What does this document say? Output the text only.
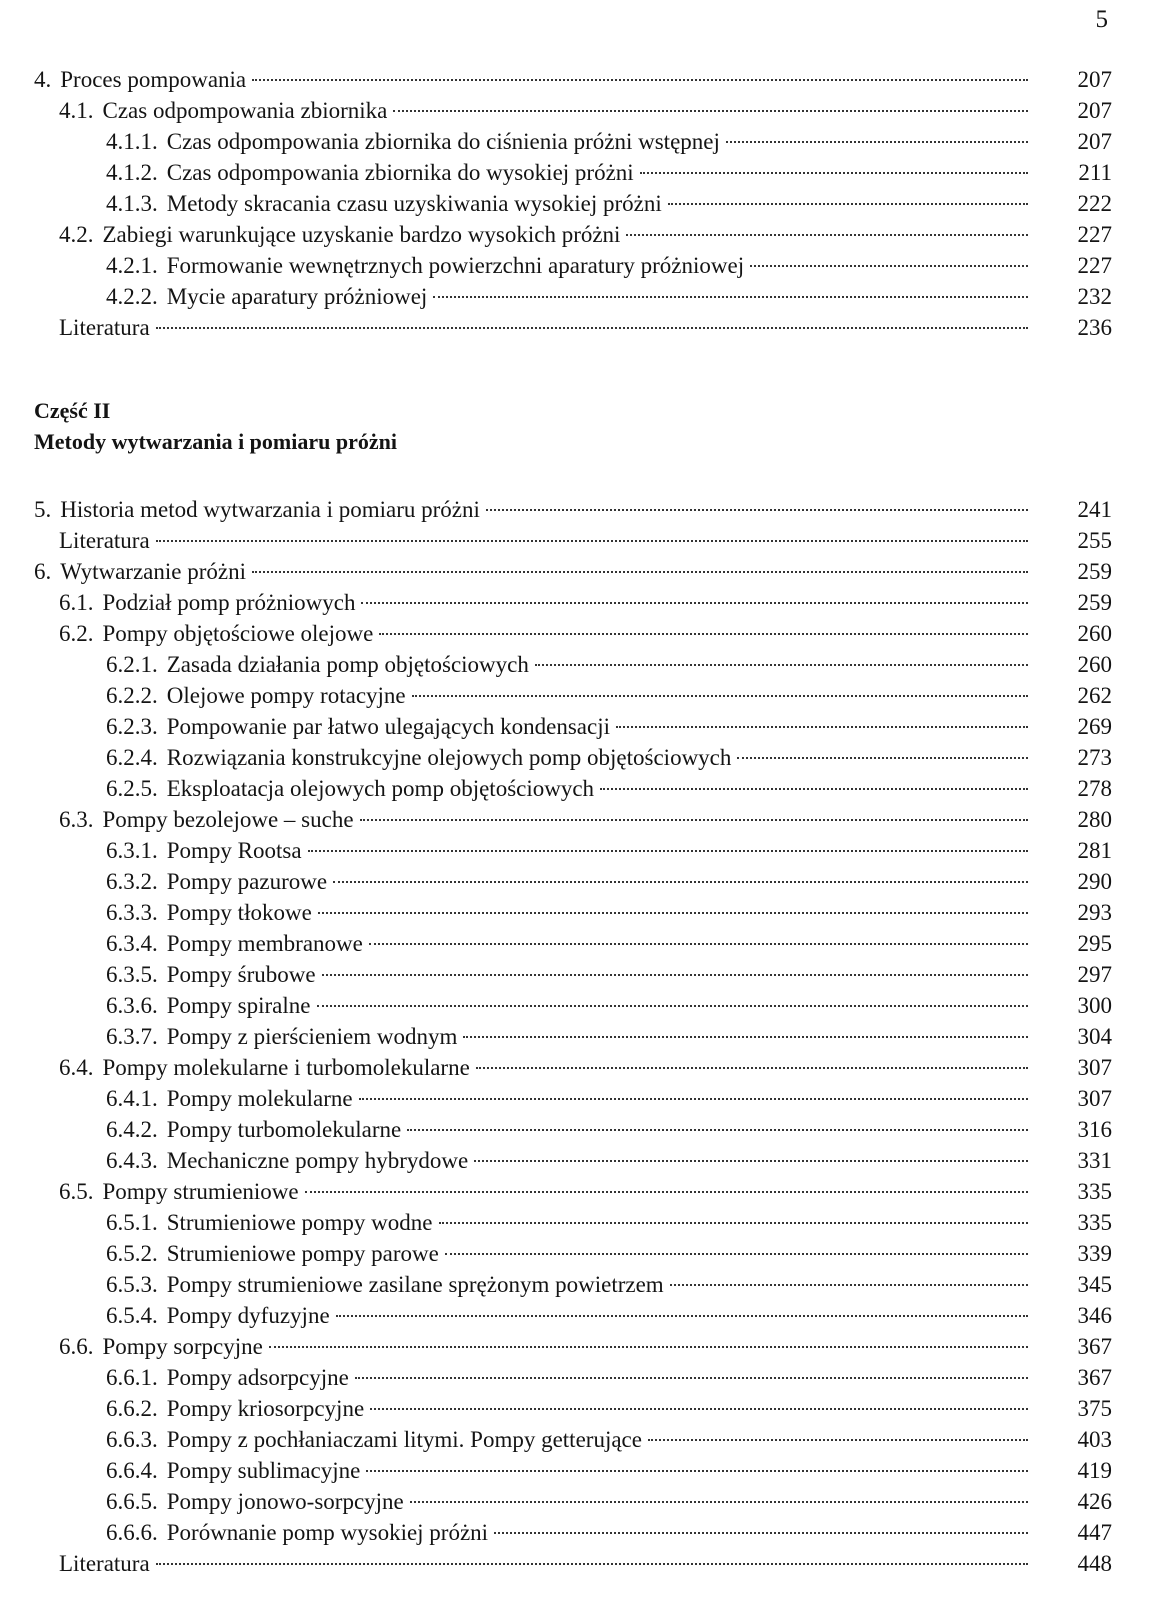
5
4. Proces pompowania	207
4.1. Czas odpompowania zbiornika	207
4.1.1. Czas odpompowania zbiornika do ciśnienia próżni wstępnej	207
4.1.2. Czas odpompowania zbiornika do wysokiej próżni	211
4.1.3. Metody skracania czasu uzyskiwania wysokiej próżni	222
4.2. Zabiegi warunkujące uzyskanie bardzo wysokich próżni	227
4.2.1. Formowanie wewnętrznych powierzchni aparatury próżniowej	227
4.2.2. Mycie aparatury próżniowej	232
Literatura	236
Część II
Metody wytwarzania i pomiaru próżni
5. Historia metod wytwarzania i pomiaru próżni	241
Literatura	255
6. Wytwarzanie próżni	259
6.1. Podział pomp próżniowych	259
6.2. Pompy objętościowe olejowe	260
6.2.1. Zasada działania pomp objętościowych	260
6.2.2. Olejowe pompy rotacyjne	262
6.2.3. Pompowanie par łatwo ulegających kondensacji	269
6.2.4. Rozwiązania konstrukcyjne olejowych pomp objętościowych	273
6.2.5. Eksploatacja olejowych pomp objętościowych	278
6.3. Pompy bezolejowe – suche	280
6.3.1. Pompy Rootsa	281
6.3.2. Pompy pazurowe	290
6.3.3. Pompy tłokowe	293
6.3.4. Pompy membranowe	295
6.3.5. Pompy śrubowe	297
6.3.6. Pompy spiralne	300
6.3.7. Pompy z pierścieniem wodnym	304
6.4. Pompy molekularne i turbomolekularne	307
6.4.1. Pompy molekularne	307
6.4.2. Pompy turbomolekularne	316
6.4.3. Mechaniczne pompy hybrydowe	331
6.5. Pompy strumieniowe	335
6.5.1. Strumieniowe pompy wodne	335
6.5.2. Strumieniowe pompy parowe	339
6.5.3. Pompy strumieniowe zasilane sprężonym powietrzem	345
6.5.4. Pompy dyfuzyjne	346
6.6. Pompy sorpcyjne	367
6.6.1. Pompy adsorpcyjne	367
6.6.2. Pompy kriosorpcyjne	375
6.6.3. Pompy z pochłaniaczami litymi. Pompy getterujące	403
6.6.4. Pompy sublimacyjne	419
6.6.5. Pompy jonowo-sorpcyjne	426
6.6.6. Porównanie pomp wysokiej próżni	447
Literatura	448
